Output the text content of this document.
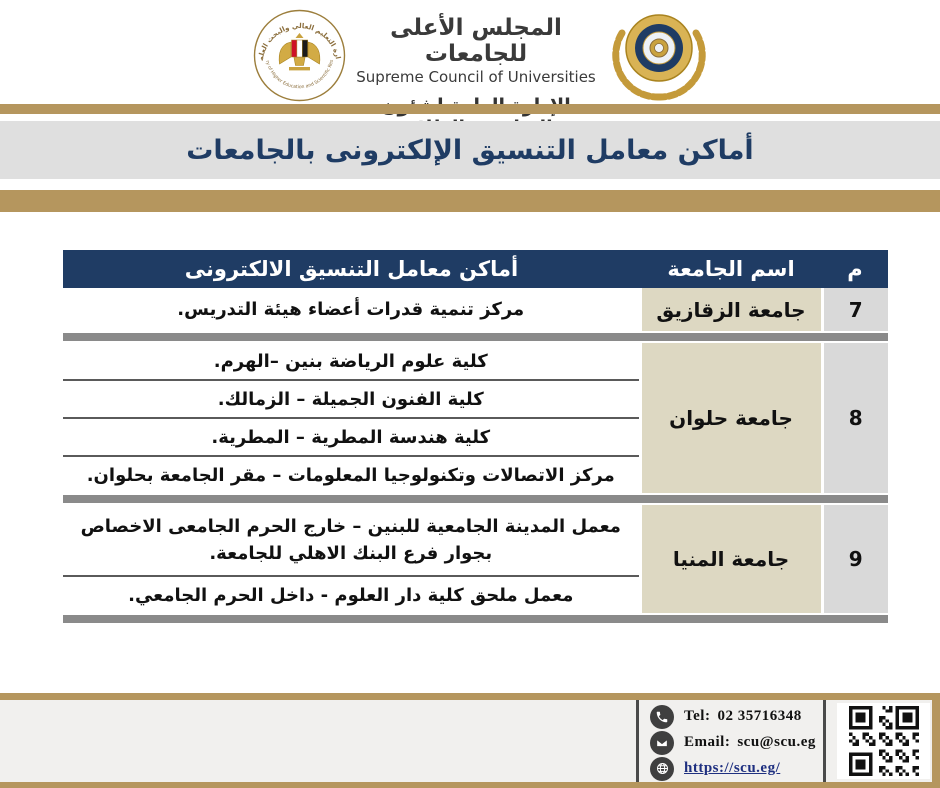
ارة التعليم العالي والبحث العلم
ry of Higher Education and Scientific Res
المجلس الأعلى للجامعات
Supreme Council of Universities
أماكن معامل التنسيق الإلكترونى بالجامعات
م	اسم الجامعة	أماكن معامل التنسيق الالكترونى
7	جامعة الزقازيق	مركز تنمية قدرات أعضاء هيئة التدريس.

8	جامعة حلوان	كلية علوم الرياضة بنين –الهرم.
		كلية الفنون الجميلة – الزمالك.
		كلية هندسة المطرية – المطرية.
		مركز الاتصالات وتكنولوجيا المعلومات – مقر الجامعة بحلوان.

9	جامعة المنيا	معمل المدينة الجامعية للبنين – خارج الحرم الجامعى الاخصاص بجوار فرع البنك الاهلي للجامعة.
		معمل ملحق كلية دار العلوم - داخل الحرم الجامعي.

Tel: 02 35716348
Email: scu@scu.eg
https://scu.eg/
